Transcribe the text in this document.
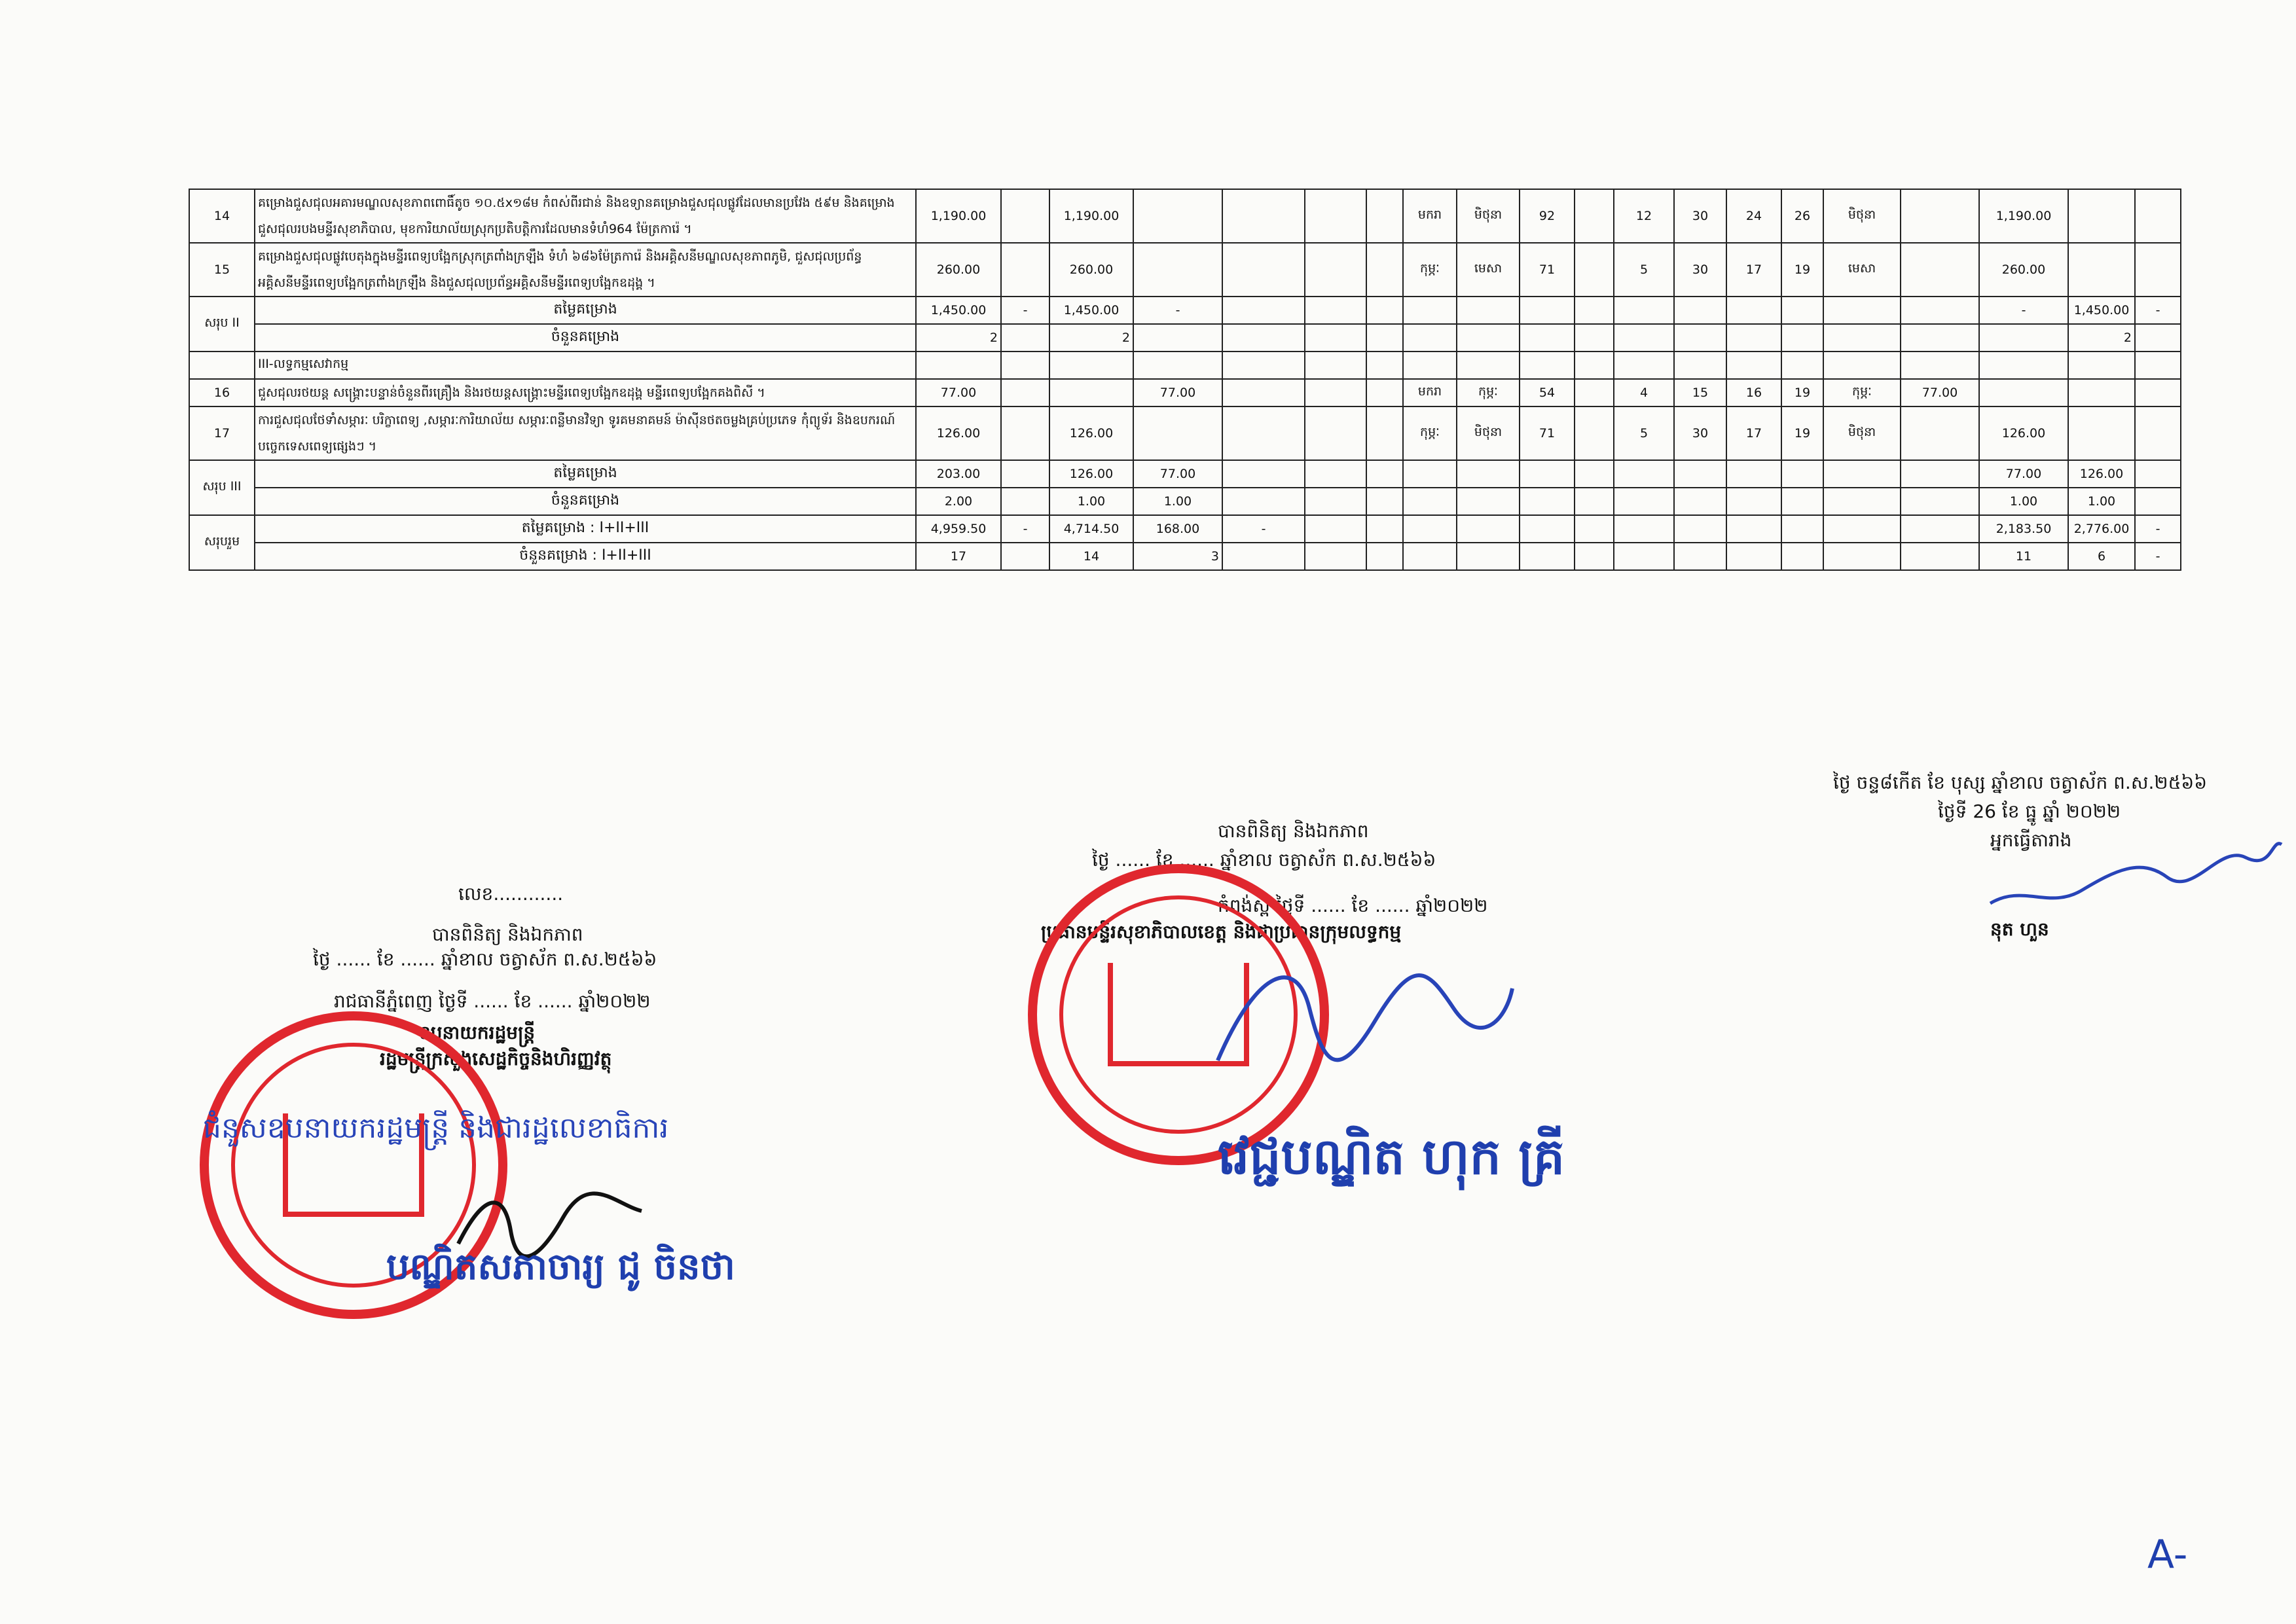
14	គម្រោងជួសជុលអគារមណ្ឌលសុខភាពពោធិ៍តូច ១០.៥x១៨ម កំពស់ពីរជាន់ និងឧទ្យានគម្រោងជួសជុលផ្លូវដែលមានប្រវែង ៥៩ម និងគម្រោងជួសជុលរបងមន្ទីរសុខាភិបាល, មុខការិយាល័យស្រុកប្រតិបត្តិការដែលមានទំហំ964 ម៉ែត្រការ៉េ ។	1,190.00		1,190.00					មករា	មិថុនា	92		12	30	24	26	មិថុនា		1,190.00			
15	គម្រោងជួសជុលផ្លូវបេតុងក្នុងមន្ទីរពេទ្យបង្អែកស្រុកត្រពាំងក្រឡឹង ទំហំ ៦៨៦ម៉ែត្រការ៉េ និងអគ្គិសនីមណ្ឌលសុខភាពភូមិ, ជួសជុលប្រព័ន្ធអគ្គិសនីមន្ទីរពេទ្យបង្អែកត្រពាំងក្រឡឹង និងជួសជុលប្រព័ន្ធអគ្គិសនីមន្ទីរពេទ្យបង្អែកឧដុង្គ ។	260.00		260.00					កុម្ភៈ	មេសា	71		5	30	17	19	មេសា		260.00			
សរុប II	តម្លៃគម្រោង	1,450.00	-	1,450.00	-														-	1,450.00	-	
	ចំនួនគម្រោង	2		2																2		
	III-លទ្ធកម្មសេវាកម្ម																					
16	ជួសជុលរថយន្ត សង្គ្រោះបន្ទាន់ចំនួនពីរគ្រឿង និងរថយន្តសង្គ្រោះមន្ទីរពេទ្យបង្អែកឧដុង្គ មន្ទីរពេទ្យបង្អែកគងពិសី ។	77.00			77.00				មករា	កុម្ភៈ	54		4	15	16	19	កុម្ភៈ	77.00				
17	ការជួសជុលថែទាំសម្ភារៈ បរិក្ខាពេទ្យ ,សម្ភារៈការិយាល័យ សម្ភារៈពន្លឺមានវិទ្យា ទូរគមនាគមន៍ ម៉ាស៊ីនថតចម្លងគ្រប់ប្រភេទ កុំព្យូទ័រ និងឧបករណ៍បច្ចេកទេសពេទ្យផ្សេងៗ ។	126.00		126.00					កុម្ភៈ	មិថុនា	71		5	30	17	19	មិថុនា		126.00			
សរុប III	តម្លៃគម្រោង	203.00		126.00	77.00														77.00	126.00		
	ចំនួនគម្រោង	2.00		1.00	1.00														1.00	1.00		
សរុបរួម	តម្លៃគម្រោង : I+II+III	4,959.50	-	4,714.50	168.00	-													2,183.50	2,776.00	-	
	ចំនួនគម្រោង : I+II+III	17		14	3														11	6	-	
ថ្ងៃ ចន្ទ៨កើត ខែ បុស្ស ឆ្នាំខាល ចត្វាស័ក ព.ស.២៥៦៦
ថ្ងៃទី 26 ខែ ធ្នូ ឆ្នាំ ២០២២
អ្នកធ្វើតារាង
នុត ហួន
បានពិនិត្យ និងឯកភាព
ថ្ងៃ ...... ខែ ...... ឆ្នាំខាល ចត្វាស័ក ព.ស.២៥៦៦
កំពង់ស្ពឺ ថ្ងៃទី ...... ខែ ...... ឆ្នាំ២០២២
ប្រធានមន្ទីរសុខាភិបាលខេត្ត និងជាប្រធានក្រុមលទ្ធកម្ម
វេជ្ជបណ្ឌិត ហុក គ្រី
លេខ............
បានពិនិត្យ និងឯកភាព
ថ្ងៃ ...... ខែ ...... ឆ្នាំខាល ចត្វាស័ក ព.ស.២៥៦៦
រាជធានីភ្នំពេញ ថ្ងៃទី ...... ខែ ...... ឆ្នាំ២០២២
ឧបនាយករដ្ឋមន្ត្រី
រដ្ឋមន្ត្រីក្រសួងសេដ្ឋកិច្ចនិងហិរញ្ញវត្ថុ
ជំនួសឧបនាយករដ្ឋមន្ត្រី និងជារដ្ឋលេខាធិការ
បណ្ឌិតសភាចារ្យ ជូ ចិនថា
A-
